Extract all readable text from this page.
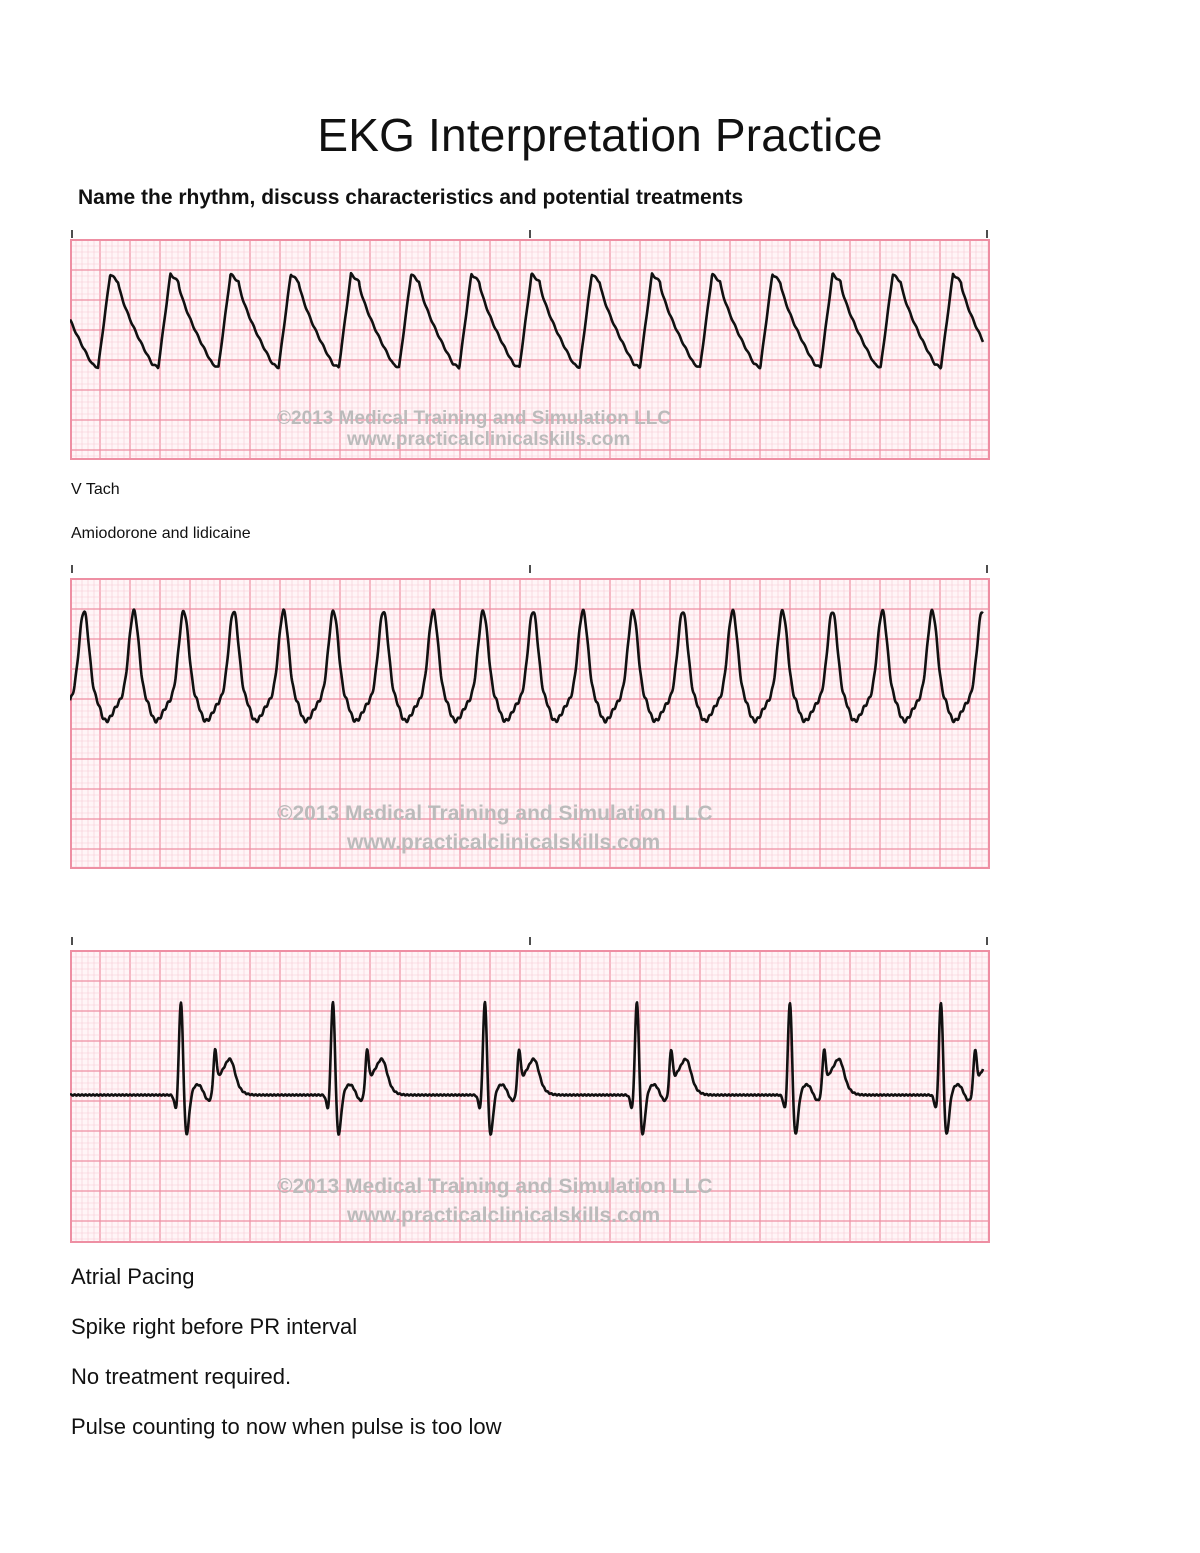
EKG Interpretation Practice

Name the rhythm, discuss characteristics and potential treatments

©2013 Medical Training and Simulation LLC
www.practicalclinicalskills.com

V Tach

Amiodorone and lidicaine

©2013 Medical Training and Simulation LLC
www.practicalclinicalskills.com
©2013 Medical Training and Simulation LLC
www.practicalclinicalskills.com

Atrial Pacing

Spike right before PR interval

No treatment required.

Pulse counting to now when pulse is too low
